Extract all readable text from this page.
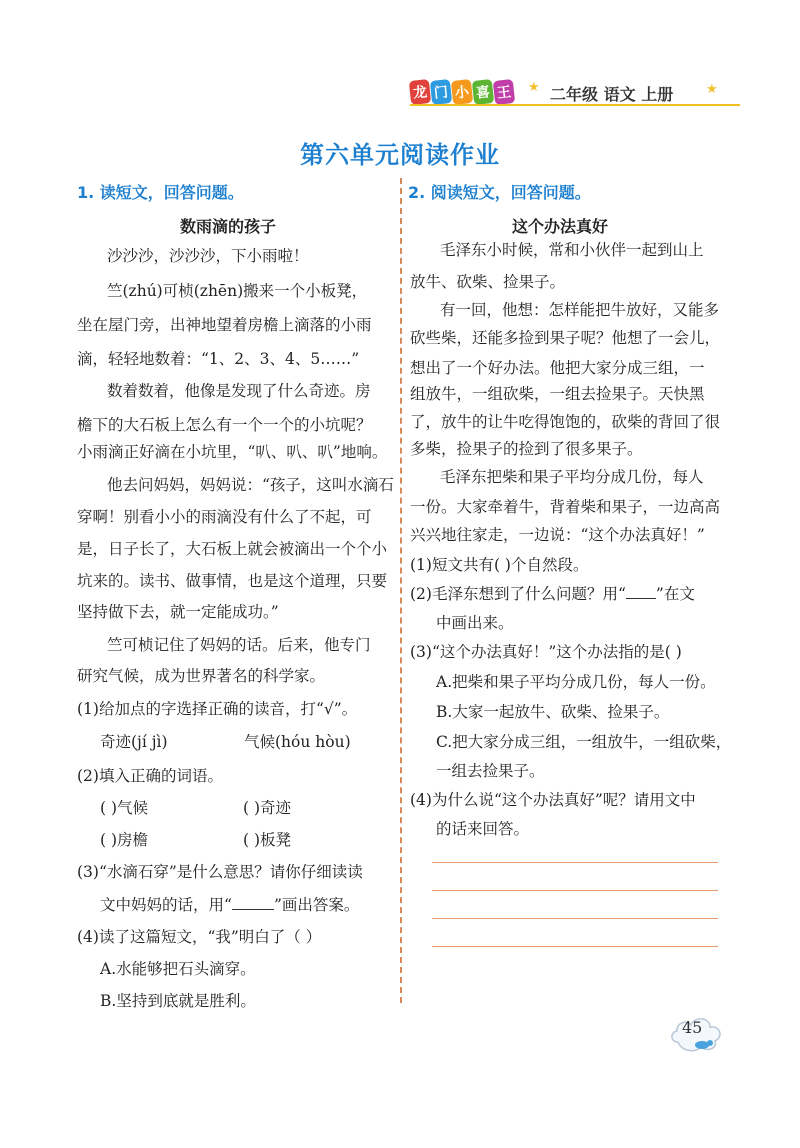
龙 门 小 喜 王 ★ 二年级 语文 上册	★
第六单元阅读作业
1. 读短文，回答问题。
数雨滴的孩子
沙沙沙，沙沙沙，下小雨啦！
竺(zhú)可桢(zhēn)搬来一个小板凳，
坐在屋门旁，出神地望着房檐上滴落的小雨
滴，轻轻地数着：“1、2、3、4、5……”
数着数着，他像是发现了什么奇迹。房
檐下的大石板上怎么有一个一个的小坑呢？
小雨滴正好滴在小坑里，“叭、叭、叭”地响。
他去问妈妈，妈妈说：“孩子，这叫水滴石
穿啊！别看小小的雨滴没有什么了不起，可
是，日子长了，大石板上就会被滴出一个个小
坑来的。读书、做事情，也是这个道理，只要
坚持做下去，就一定能成功。”
竺可桢记住了妈妈的话。后来，他专门
研究气候，成为世界著名的科学家。
(1)给加点的字选择正确的读音，打“√”。
奇迹(jí jì)	气候(hóu hòu)
(2)填入正确的词语。
( )气候	( )奇迹
( )房檐	( )板凳
(3)“水滴石穿”是什么意思？请你仔细读读
文中妈妈的话，用“	”画出答案。
(4)读了这篇短文，“我”明白了（ ）
A.水能够把石头滴穿。
B.坚持到底就是胜利。
2. 阅读短文，回答问题。
这个办法真好
毛泽东小时候，常和小伙伴一起到山上
放牛、砍柴、捡果子。
有一回，他想：怎样能把牛放好，又能多
砍些柴，还能多捡到果子呢？他想了一会儿，
想出了一个好办法。他把大家分成三组，一
组放牛，一组砍柴，一组去捡果子。天快黑
了，放牛的让牛吃得饱饱的，砍柴的背回了很
多柴，捡果子的捡到了很多果子。
毛泽东把柴和果子平均分成几份，每人
一份。大家牵着牛，背着柴和果子，一边高高
兴兴地往家走，一边说：“这个办法真好！”
(1)短文共有( )个自然段。
(2)毛泽东想到了什么问题？用“ ”在文
中画出来。
(3)“这个办法真好！”这个办法指的是( )
A.把柴和果子平均分成几份，每人一份。
B.大家一起放牛、砍柴、捡果子。
C.把大家分成三组，一组放牛，一组砍柴，
一组去捡果子。
(4)为什么说“这个办法真好”呢？请用文中
的话来回答。
45
